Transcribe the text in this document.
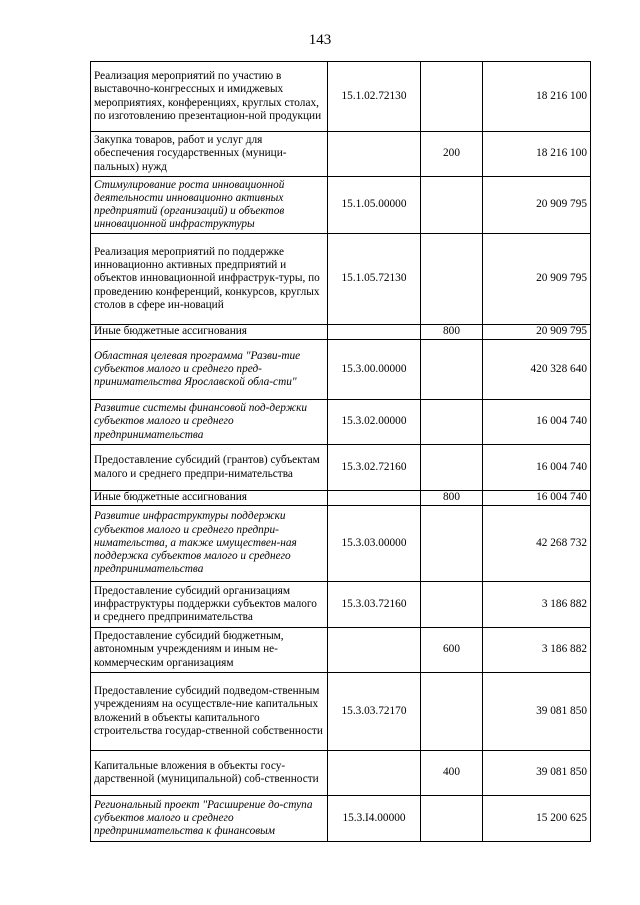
143
Реализация мероприятий по участию в выставочно-конгрессных и имиджевых мероприятиях, конференциях, круглых столах, по изготовлению презентацион-ной продукции	15.1.02.72130		18 216 100
Закупка товаров, работ и услуг для обеспечения государственных (муници-пальных) нужд		200	18 216 100
Стимулирование роста инновационной деятельности инновационно активных предприятий (организаций) и объектов инновационной инфраструктуры	15.1.05.00000		20 909 795
Реализация мероприятий по поддержке инновационно активных предприятий и объектов инновационной инфраструк-туры, по проведению конференций, конкурсов, круглых столов в сфере ин-новаций	15.1.05.72130		20 909 795
Иные бюджетные ассигнования		800	20 909 795
Областная целевая программа "Разви-тие субъектов малого и среднего пред-принимательства Ярославской обла-сти"	15.3.00.00000		420 328 640
Развитие системы финансовой под-держки субъектов малого и среднего предпринимательства	15.3.02.00000		16 004 740
Предоставление субсидий (грантов) субъектам малого и среднего предпри-нимательства	15.3.02.72160		16 004 740
Иные бюджетные ассигнования		800	16 004 740
Развитие инфраструктуры поддержки субъектов малого и среднего предпри-нимательства, а также имуществен-ная поддержка субъектов малого и среднего предпринимательства	15.3.03.00000		42 268 732
Предоставление субсидий организациям инфраструктуры поддержки субъектов малого и среднего предпринимательства	15.3.03.72160		3 186 882
Предоставление субсидий бюджетным, автономным учреждениям и иным не-коммерческим организациям		600	3 186 882
Предоставление субсидий подведом-ственным учреждениям на осуществле-ние капитальных вложений в объекты капитального строительства государ-ственной собственности	15.3.03.72170		39 081 850
Капитальные вложения в объекты госу-дарственной (муниципальной) соб-ственности		400	39 081 850
Региональный проект "Расширение до-ступа субъектов малого и среднего предпринимательства к финансовым	15.3.I4.00000		15 200 625
